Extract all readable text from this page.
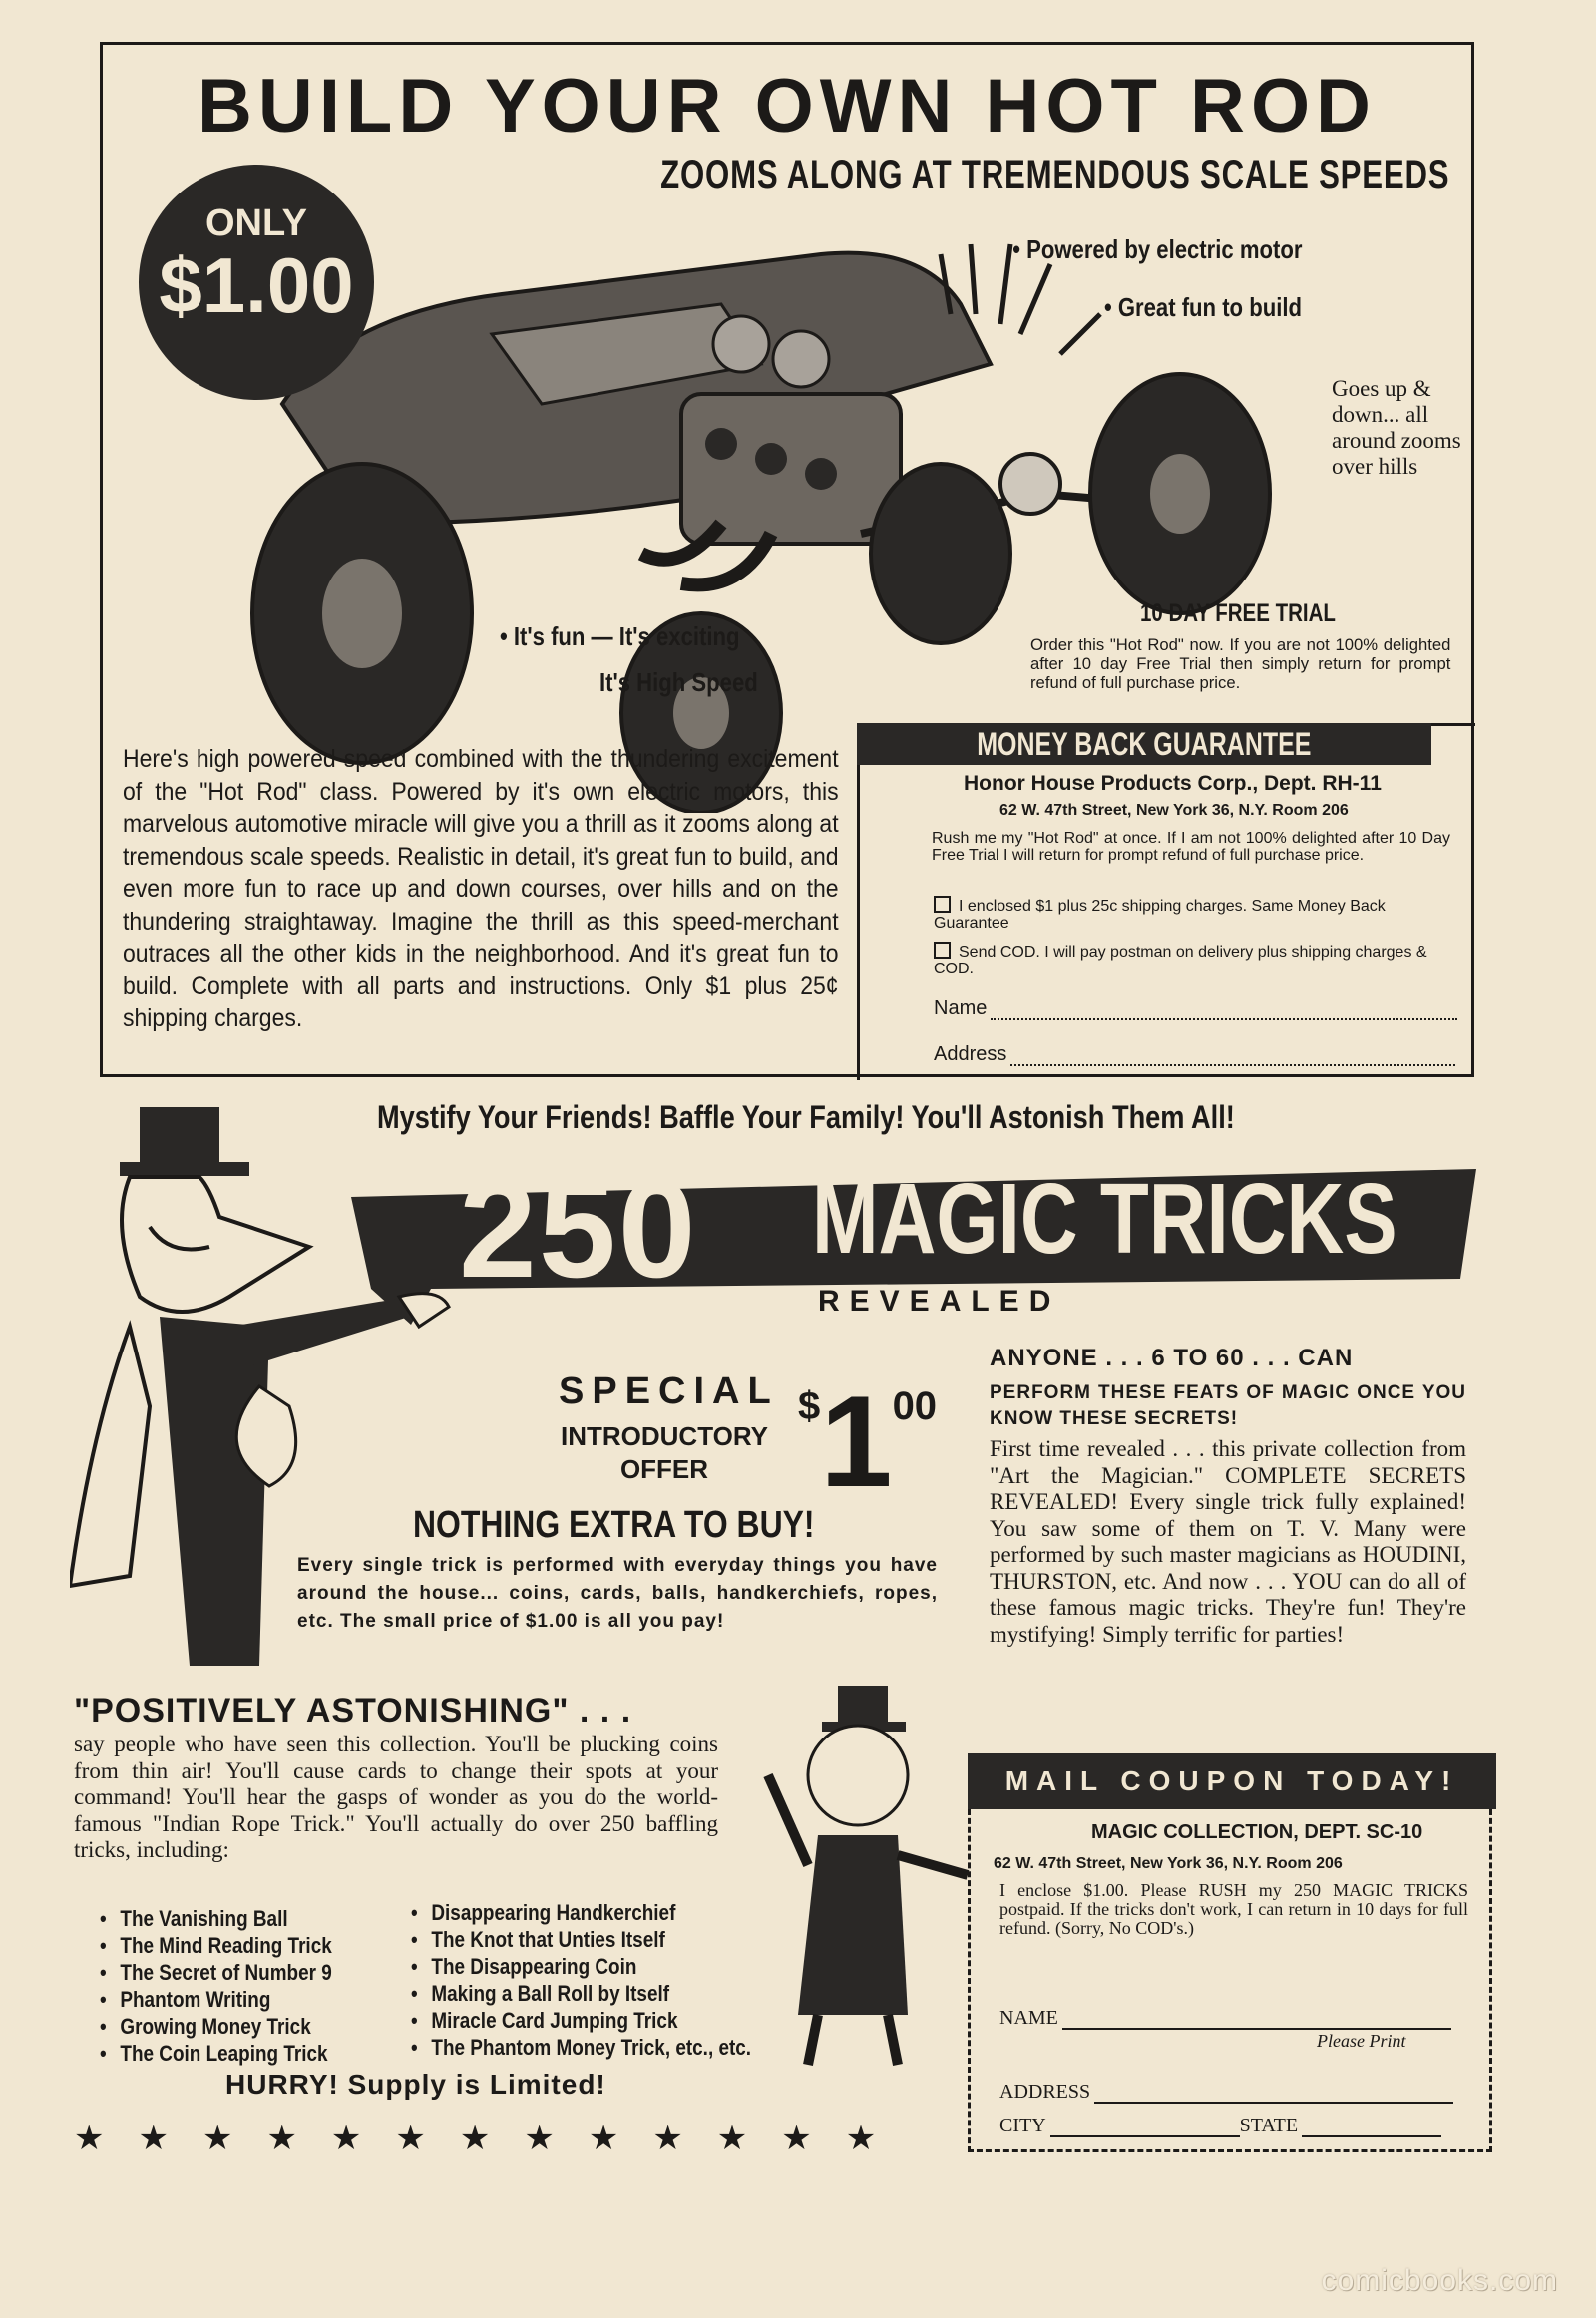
BUILD YOUR OWN HOT ROD
ZOOMS ALONG AT TREMENDOUS SCALE SPEEDS
ONLY
$1.00	• Powered by electric motor
• Great fun to build
Goes up & down... all around zooms over hills
• It's fun — It's exciting
It's High Speed
Here's high powered speed combined with the thundering excitement of the "Hot Rod" class. Powered by it's own electric motors, this marvelous automotive miracle will give you a thrill as it zooms along at tremendous scale speeds. Realistic in detail, it's great fun to build, and even more fun to race up and down courses, over hills and on the thundering straightaway. Imagine the thrill as this speed-merchant outraces all the other kids in the neighborhood. And it's great fun to build. Complete with all parts and instructions. Only $1 plus 25¢ shipping charges.
10 DAY FREE TRIAL
Order this "Hot Rod" now. If you are not 100% delighted after 10 day Free Trial then simply return for prompt refund of full purchase price.
MONEY BACK GUARANTEE
Honor House Products Corp., Dept. RH-11
62 W. 47th Street, New York 36, N.Y. Room 206
Rush me my "Hot Rod" at once. If I am not 100% delighted after 10 Day Free Trial I will return for prompt refund of full purchase price.
I enclosed $1 plus 25c shipping charges. Same Money Back Guarantee
Send COD. I will pay postman on delivery plus shipping charges & COD.
Name
Address
Mystify Your Friends! Baffle Your Family! You'll Astonish Them All!
250 MAGIC TRICKS
REVEALED
SPECIAL
INTRODUCTORY OFFER
$^{\$}1^{00}$
NOTHING EXTRA TO BUY!
Every single trick is performed with everyday things you have around the house... coins, cards, balls, handkerchiefs, ropes, etc. The small price of $1.00 is all you pay!
ANYONE . . . 6 TO 60 . . . CAN
PERFORM THESE FEATS OF MAGIC ONCE YOU KNOW THESE SECRETS!
First time revealed . . . this private collection from "Art the Magician." COMPLETE SECRETS REVEALED! Every single trick fully explained! You saw some of them on T. V. Many were performed by such master magicians as HOUDINI, THURSTON, etc. And now . . . YOU can do all of these famous magic tricks. They're fun! They're mystifying! Simply terrific for parties!
"POSITIVELY ASTONISHING" . . .
say people who have seen this collection. You'll be plucking coins from thin air! You'll cause cards to change their spots at your command! You'll hear the gasps of wonder as you do the world-famous "Indian Rope Trick." You'll actually do over 250 baffling tricks, including:
• The Vanishing Ball
• The Mind Reading Trick
• The Secret of Number 9
• Phantom Writing
• Growing Money Trick
• The Coin Leaping Trick
• Disappearing Handkerchief
• The Knot that Unties Itself
• The Disappearing Coin
• Making a Ball Roll by Itself
• Miracle Card Jumping Trick
• The Phantom Money Trick, etc., etc.
HURRY! Supply is Limited!
★★★★★★★★★★★★★
MAIL COUPON TODAY!
MAGIC COLLECTION, DEPT. SC-10
62 W. 47th Street, New York 36, N.Y. Room 206
I enclose $1.00. Please RUSH my 250 MAGIC TRICKS postpaid. If the tricks don't work, I can return in 10 days for full refund. (Sorry, No COD's.)
NAME
Please Print
ADDRESS
CITY	STATE
comicbooks.com
